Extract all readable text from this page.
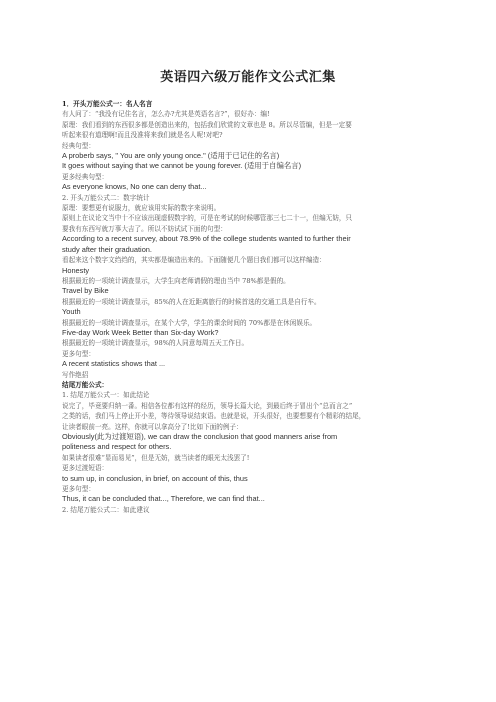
英语四六级万能作文公式汇集
1．开头万能公式一：名人名言
有人问了：“我没有记住名言，怎么办?尤其是英语名言?”，很好办：编!
原理：我们看到的东西很多都是创造出来的，包括我们欣赏的文章也是 8。所以尽管编，但是一定要
听起来很有道理啊!而且没准将来我们就是名人呢!对吧?
经典句型：
A proberb says, " You are only young once." (适用于已记住的名言)
It goes without saying that we cannot be young forever. (适用于自编名言)
更多经典句型：
As everyone knows, No one can deny that...
2. 开头万能公式二：数字统计
原理：要想更有说服力，就应该用实际的数字来说明。
原则上在议论文当中十不应该出现虚假数字的，可是在考试的时候哪管那三七二十一，但编无妨，只
要我有东西写就万事大吉了。所以不妨试试下面的句型：
According to a recent survey, about 78.9% of the college students wanted to further their
study after their graduation.
看起来这个数字文绉绉的，其实都是编造出来的。下面随便几个题目我们都可以这样编造：
Honesty
根据最近的一项统计调查显示，大学生向老师请假的理由当中 78%都是假的。
Travel by Bike
根据最近的一项统计调查显示，85%的人在近距离旅行的时候首选的交通工具是自行车。
Youth
根据最近的一项统计调查显示，在某个大学，学生的课余时间的 70%都是在休闲娱乐。
Five-day Work Week Better than Six-day Work?
根据最近的一项统计调查显示，98%的人同意每周五天工作日。
更多句型：
A recent statistics shows that ...
写作绝招
结尾万能公式：
1. 结尾万能公式一：如此结论
说完了，毕竟要归纳一番。相信各位都有这样的经历，领导长篇大论，到最后终于冒出个“总而言之”
之类的话，我们马上停止开小差，等待领导说结束语。也就是说，开头很好，也要想要有个精彩的结尾，
让读者眼前一亮。这样，你就可以拿高分了!比如下面的例子：
Obviously(此为过渡短语), we can draw the conclusion that good manners arise from
politeness and respect for others.
如果读者很难“显而易见”，但是无妨，就当读者的眼光太浅罢了!
更多过渡短语：
to sum up, in conclusion, in brief, on account of this, thus
更多句型：
Thus, it can be concluded that..., Therefore, we can find that...
2. 结尾万能公式二：如此建议
